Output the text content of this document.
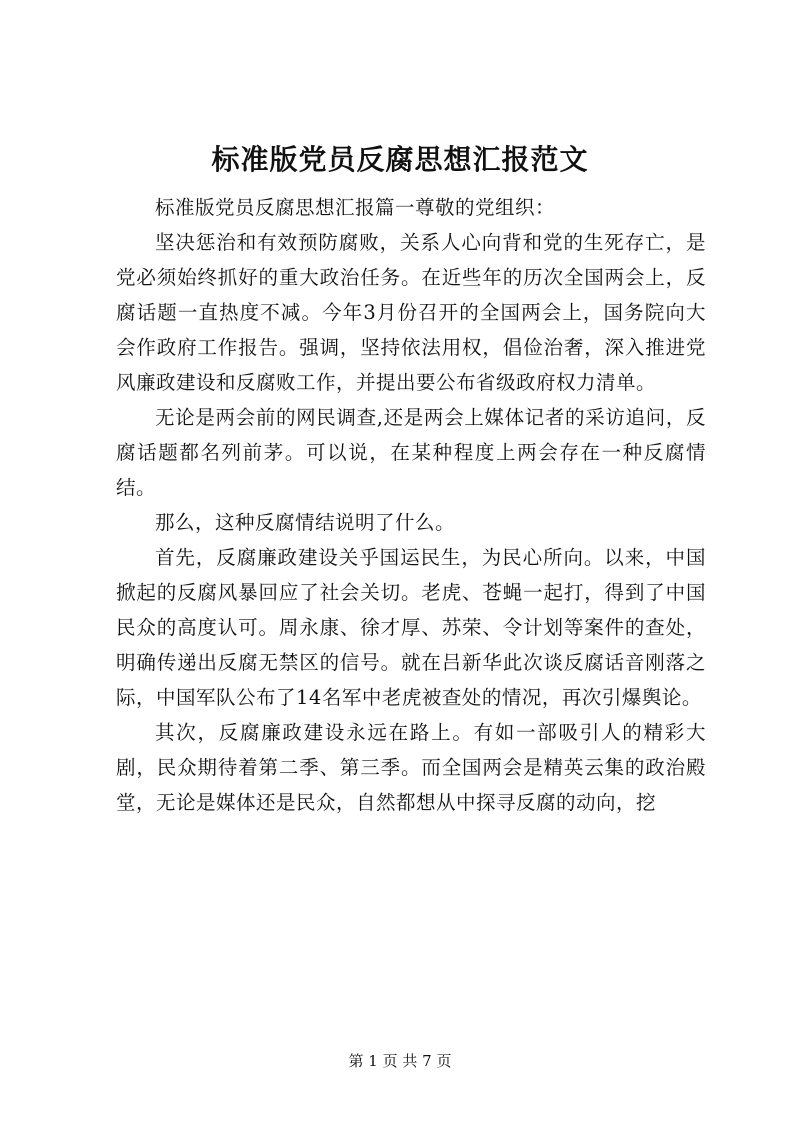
标准版党员反腐思想汇报范文

标准版党员反腐思想汇报篇一尊敬的党组织：

坚决惩治和有效预防腐败，关系人心向背和党的生死存亡，是党必须始终抓好的重大政治任务。在近些年的历次全国两会上，反腐话题一直热度不减。今年3月份召开的全国两会上，国务院向大会作政府工作报告。强调，坚持依法用权，倡俭治奢，深入推进党风廉政建设和反腐败工作，并提出要公布省级政府权力清单。

无论是两会前的网民调查,还是两会上媒体记者的采访追问，反腐话题都名列前茅。可以说，在某种程度上两会存在一种反腐情结。

那么，这种反腐情结说明了什么。

首先，反腐廉政建设关乎国运民生，为民心所向。以来，中国掀起的反腐风暴回应了社会关切。老虎、苍蝇一起打，得到了中国民众的高度认可。周永康、徐才厚、苏荣、令计划等案件的查处，明确传递出反腐无禁区的信号。就在吕新华此次谈反腐话音刚落之际，中国军队公布了14名军中老虎被查处的情况，再次引爆舆论。

其次，反腐廉政建设永远在路上。有如一部吸引人的精彩大剧，民众期待着第二季、第三季。而全国两会是精英云集的政治殿堂，无论是媒体还是民众，自然都想从中探寻反腐的动向，挖

第 1 页 共 7 页
